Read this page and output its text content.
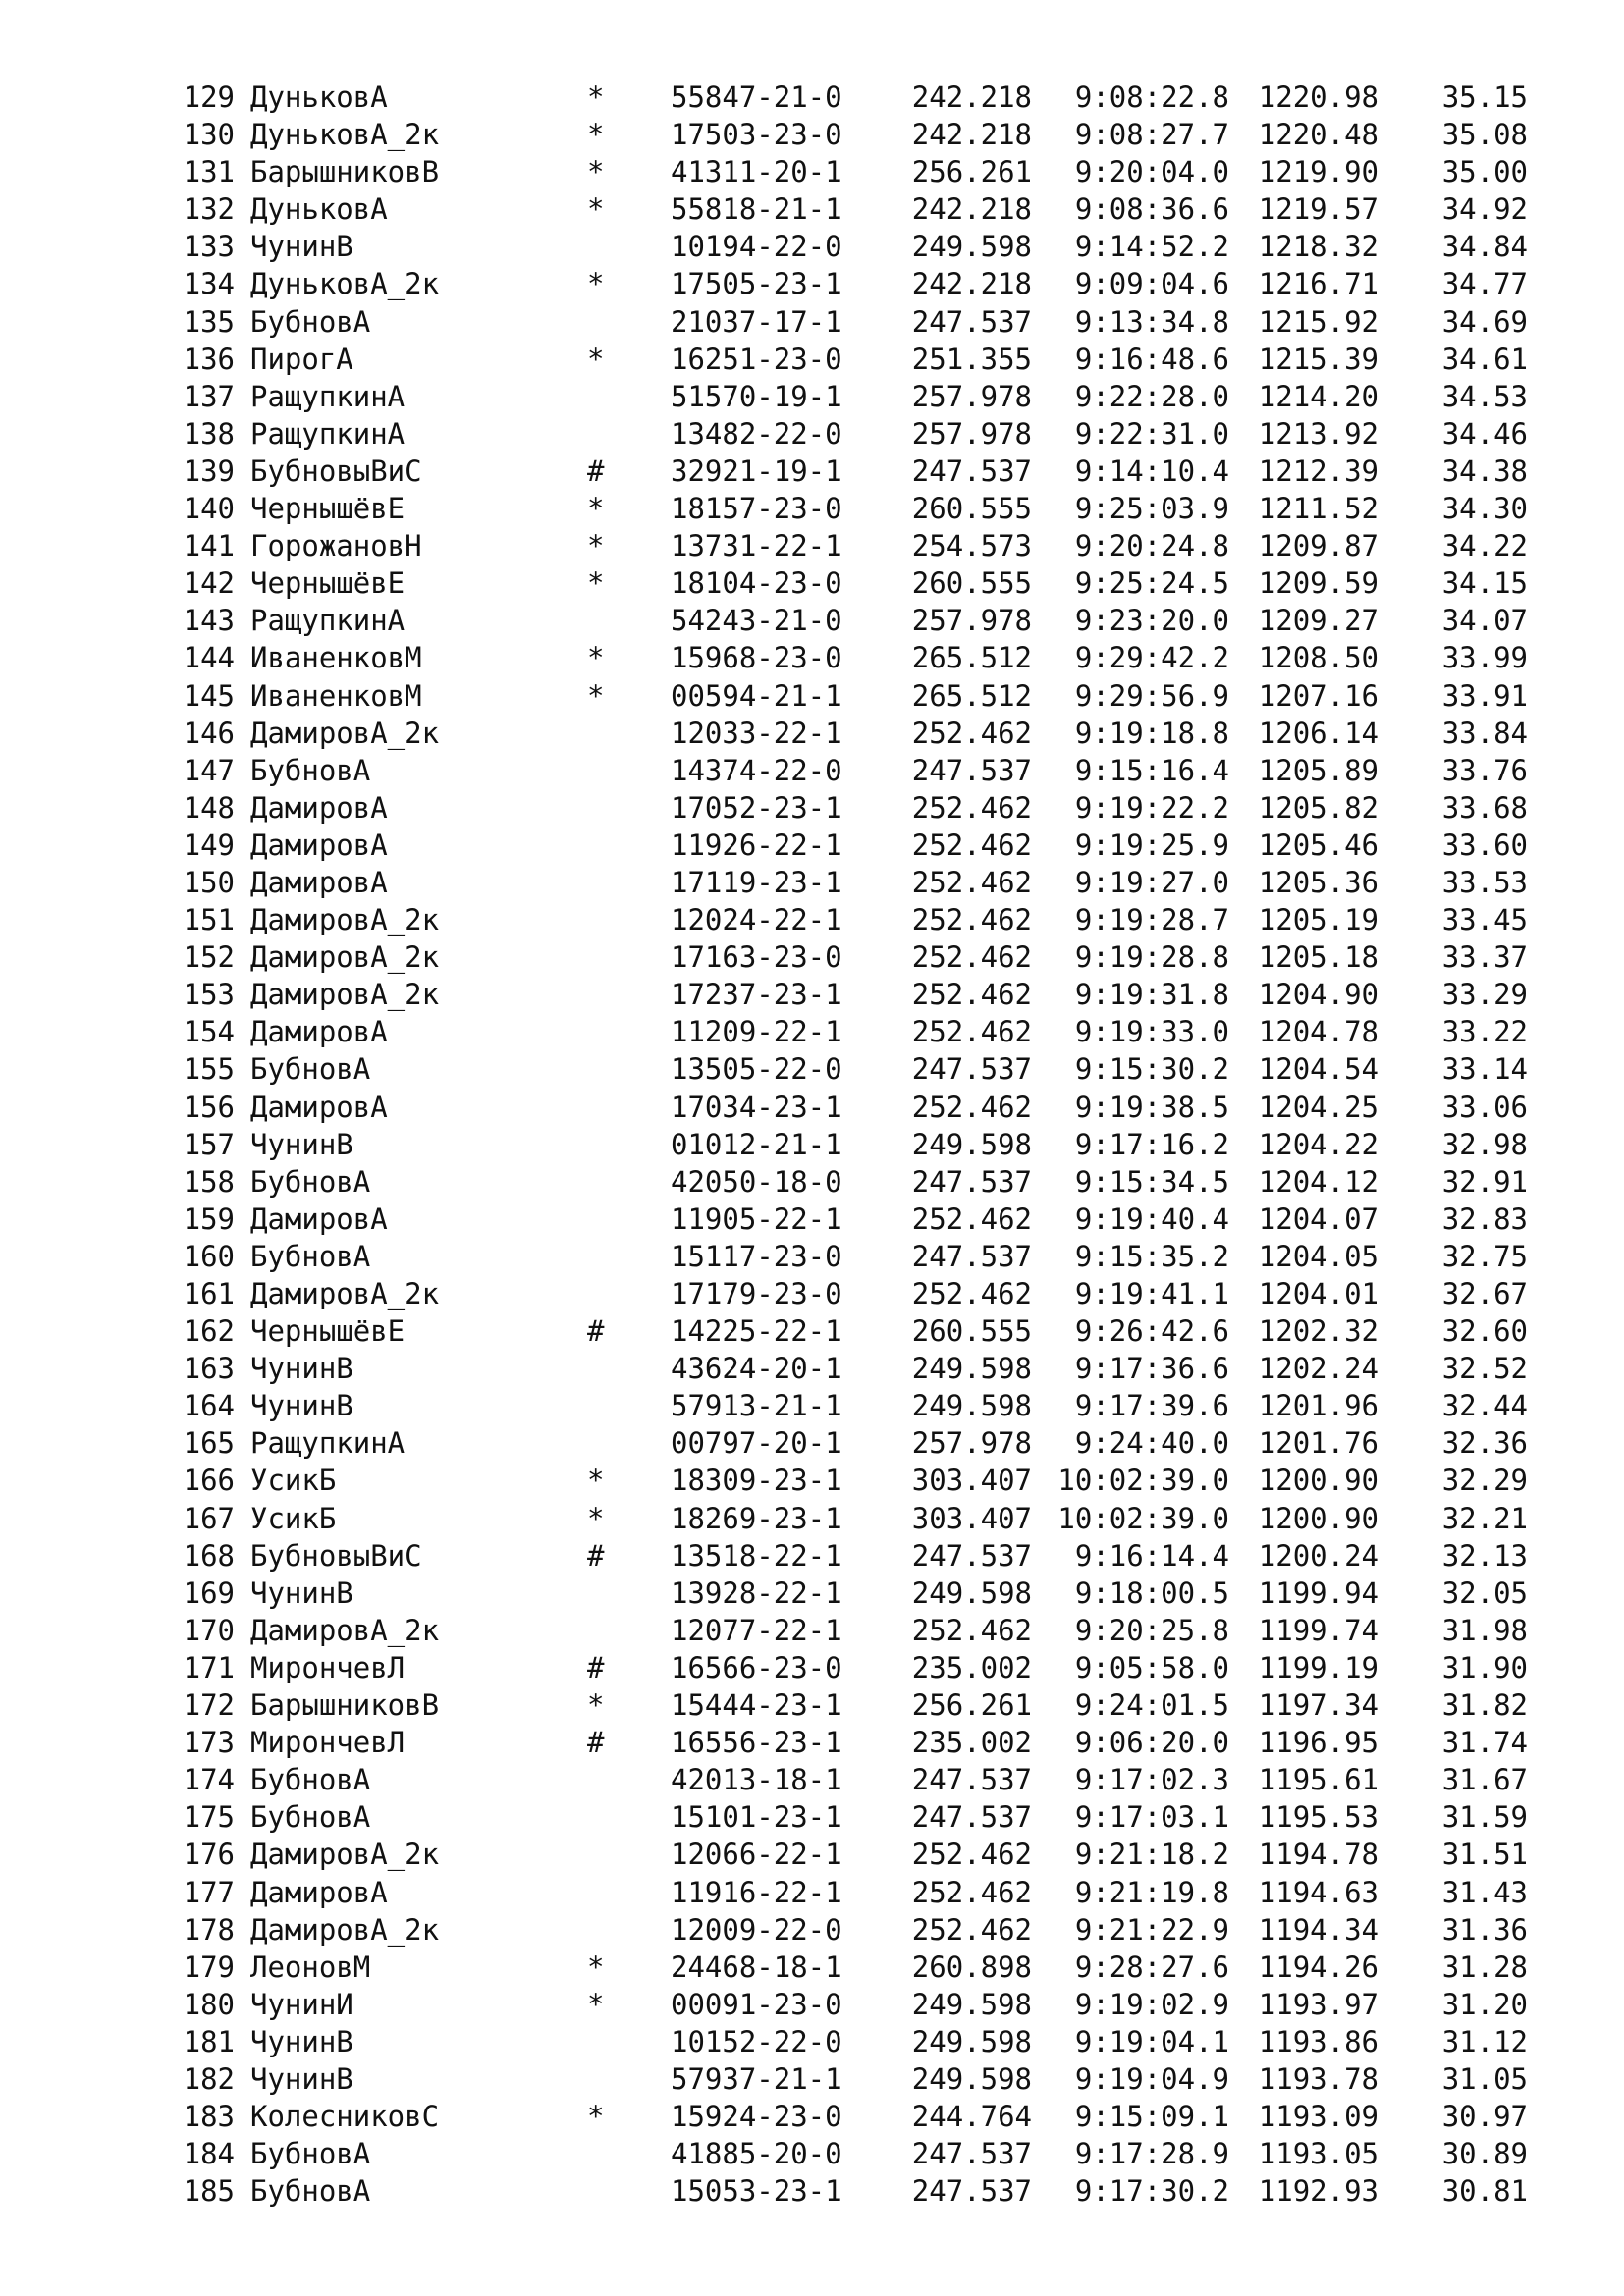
129 ДуньковА	* 55847-21-0	242.218	9:08:22.8	1220.98	35.15
130 ДуньковА_2к	* 17503-23-0	242.218	9:08:27.7	1220.48	35.08
131 БарышниковВ	* 41311-20-1	256.261	9:20:04.0	1219.90	35.00
132 ДуньковА	* 55818-21-1	242.218	9:08:36.6	1219.57	34.92
133 ЧунинВ	10194-22-0	249.598	9:14:52.2	1218.32	34.84
134 ДуньковА_2к	* 17505-23-1	242.218	9:09:04.6	1216.71	34.77
135 БубновА	21037-17-1	247.537	9:13:34.8	1215.92	34.69
136 ПирогА	* 16251-23-0	251.355	9:16:48.6	1215.39	34.61
137 РащупкинА	51570-19-1	257.978	9:22:28.0	1214.20	34.53
138 РащупкинА	13482-22-0	257.978	9:22:31.0	1213.92	34.46
139 БубновыВиС	# 32921-19-1	247.537	9:14:10.4	1212.39	34.38
140 ЧернышёвЕ	* 18157-23-0	260.555	9:25:03.9	1211.52	34.30
141 ГорожановН	* 13731-22-1	254.573	9:20:24.8	1209.87	34.22
142 ЧернышёвЕ	* 18104-23-0	260.555	9:25:24.5	1209.59	34.15
143 РащупкинА	54243-21-0	257.978	9:23:20.0	1209.27	34.07
144 ИваненковМ	* 15968-23-0	265.512	9:29:42.2	1208.50	33.99
145 ИваненковМ	* 00594-21-1	265.512	9:29:56.9	1207.16	33.91
146 ДамировА_2к	12033-22-1	252.462	9:19:18.8	1206.14	33.84
147 БубновА	14374-22-0	247.537	9:15:16.4	1205.89	33.76
148 ДамировА	17052-23-1	252.462	9:19:22.2	1205.82	33.68
149 ДамировА	11926-22-1	252.462	9:19:25.9	1205.46	33.60
150 ДамировА	17119-23-1	252.462	9:19:27.0	1205.36	33.53
151 ДамировА_2к	12024-22-1	252.462	9:19:28.7	1205.19	33.45
152 ДамировА_2к	17163-23-0	252.462	9:19:28.8	1205.18	33.37
153 ДамировА_2к	17237-23-1	252.462	9:19:31.8	1204.90	33.29
154 ДамировА	11209-22-1	252.462	9:19:33.0	1204.78	33.22
155 БубновА	13505-22-0	247.537	9:15:30.2	1204.54	33.14
156 ДамировА	17034-23-1	252.462	9:19:38.5	1204.25	33.06
157 ЧунинВ	01012-21-1	249.598	9:17:16.2	1204.22	32.98
158 БубновА	42050-18-0	247.537	9:15:34.5	1204.12	32.91
159 ДамировА	11905-22-1	252.462	9:19:40.4	1204.07	32.83
160 БубновА	15117-23-0	247.537	9:15:35.2	1204.05	32.75
161 ДамировА_2к	17179-23-0	252.462	9:19:41.1	1204.01	32.67
162 ЧернышёвЕ	# 14225-22-1	260.555	9:26:42.6	1202.32	32.60
163 ЧунинВ	43624-20-1	249.598	9:17:36.6	1202.24	32.52
164 ЧунинВ	57913-21-1	249.598	9:17:39.6	1201.96	32.44
165 РащупкинА	00797-20-1	257.978	9:24:40.0	1201.76	32.36
166 УсикБ	* 18309-23-1	303.407 10:02:39.0	1200.90	32.29
167 УсикБ	* 18269-23-1	303.407 10:02:39.0	1200.90	32.21
168 БубновыВиС	# 13518-22-1	247.537	9:16:14.4	1200.24	32.13
169 ЧунинВ	13928-22-1	249.598	9:18:00.5	1199.94	32.05
170 ДамировА_2к	12077-22-1	252.462	9:20:25.8	1199.74	31.98
171 МирончевЛ	# 16566-23-0	235.002	9:05:58.0	1199.19	31.90
172 БарышниковВ	* 15444-23-1	256.261	9:24:01.5	1197.34	31.82
173 МирончевЛ	# 16556-23-1	235.002	9:06:20.0	1196.95	31.74
174 БубновА	42013-18-1	247.537	9:17:02.3	1195.61	31.67
175 БубновА	15101-23-1	247.537	9:17:03.1	1195.53	31.59
176 ДамировА_2к	12066-22-1	252.462	9:21:18.2	1194.78	31.51
177 ДамировА	11916-22-1	252.462	9:21:19.8	1194.63	31.43
178 ДамировА_2к	12009-22-0	252.462	9:21:22.9	1194.34	31.36
179 ЛеоновМ	* 24468-18-1	260.898	9:28:27.6	1194.26	31.28
180 ЧунинИ	* 00091-23-0	249.598	9:19:02.9	1193.97	31.20
181 ЧунинВ	10152-22-0	249.598	9:19:04.1	1193.86	31.12
182 ЧунинВ	57937-21-1	249.598	9:19:04.9	1193.78	31.05
183 КолесниковС	* 15924-23-0	244.764	9:15:09.1	1193.09	30.97
184 БубновА	41885-20-0	247.537	9:17:28.9	1193.05	30.89
185 БубновА	15053-23-1	247.537	9:17:30.2	1192.93	30.81
